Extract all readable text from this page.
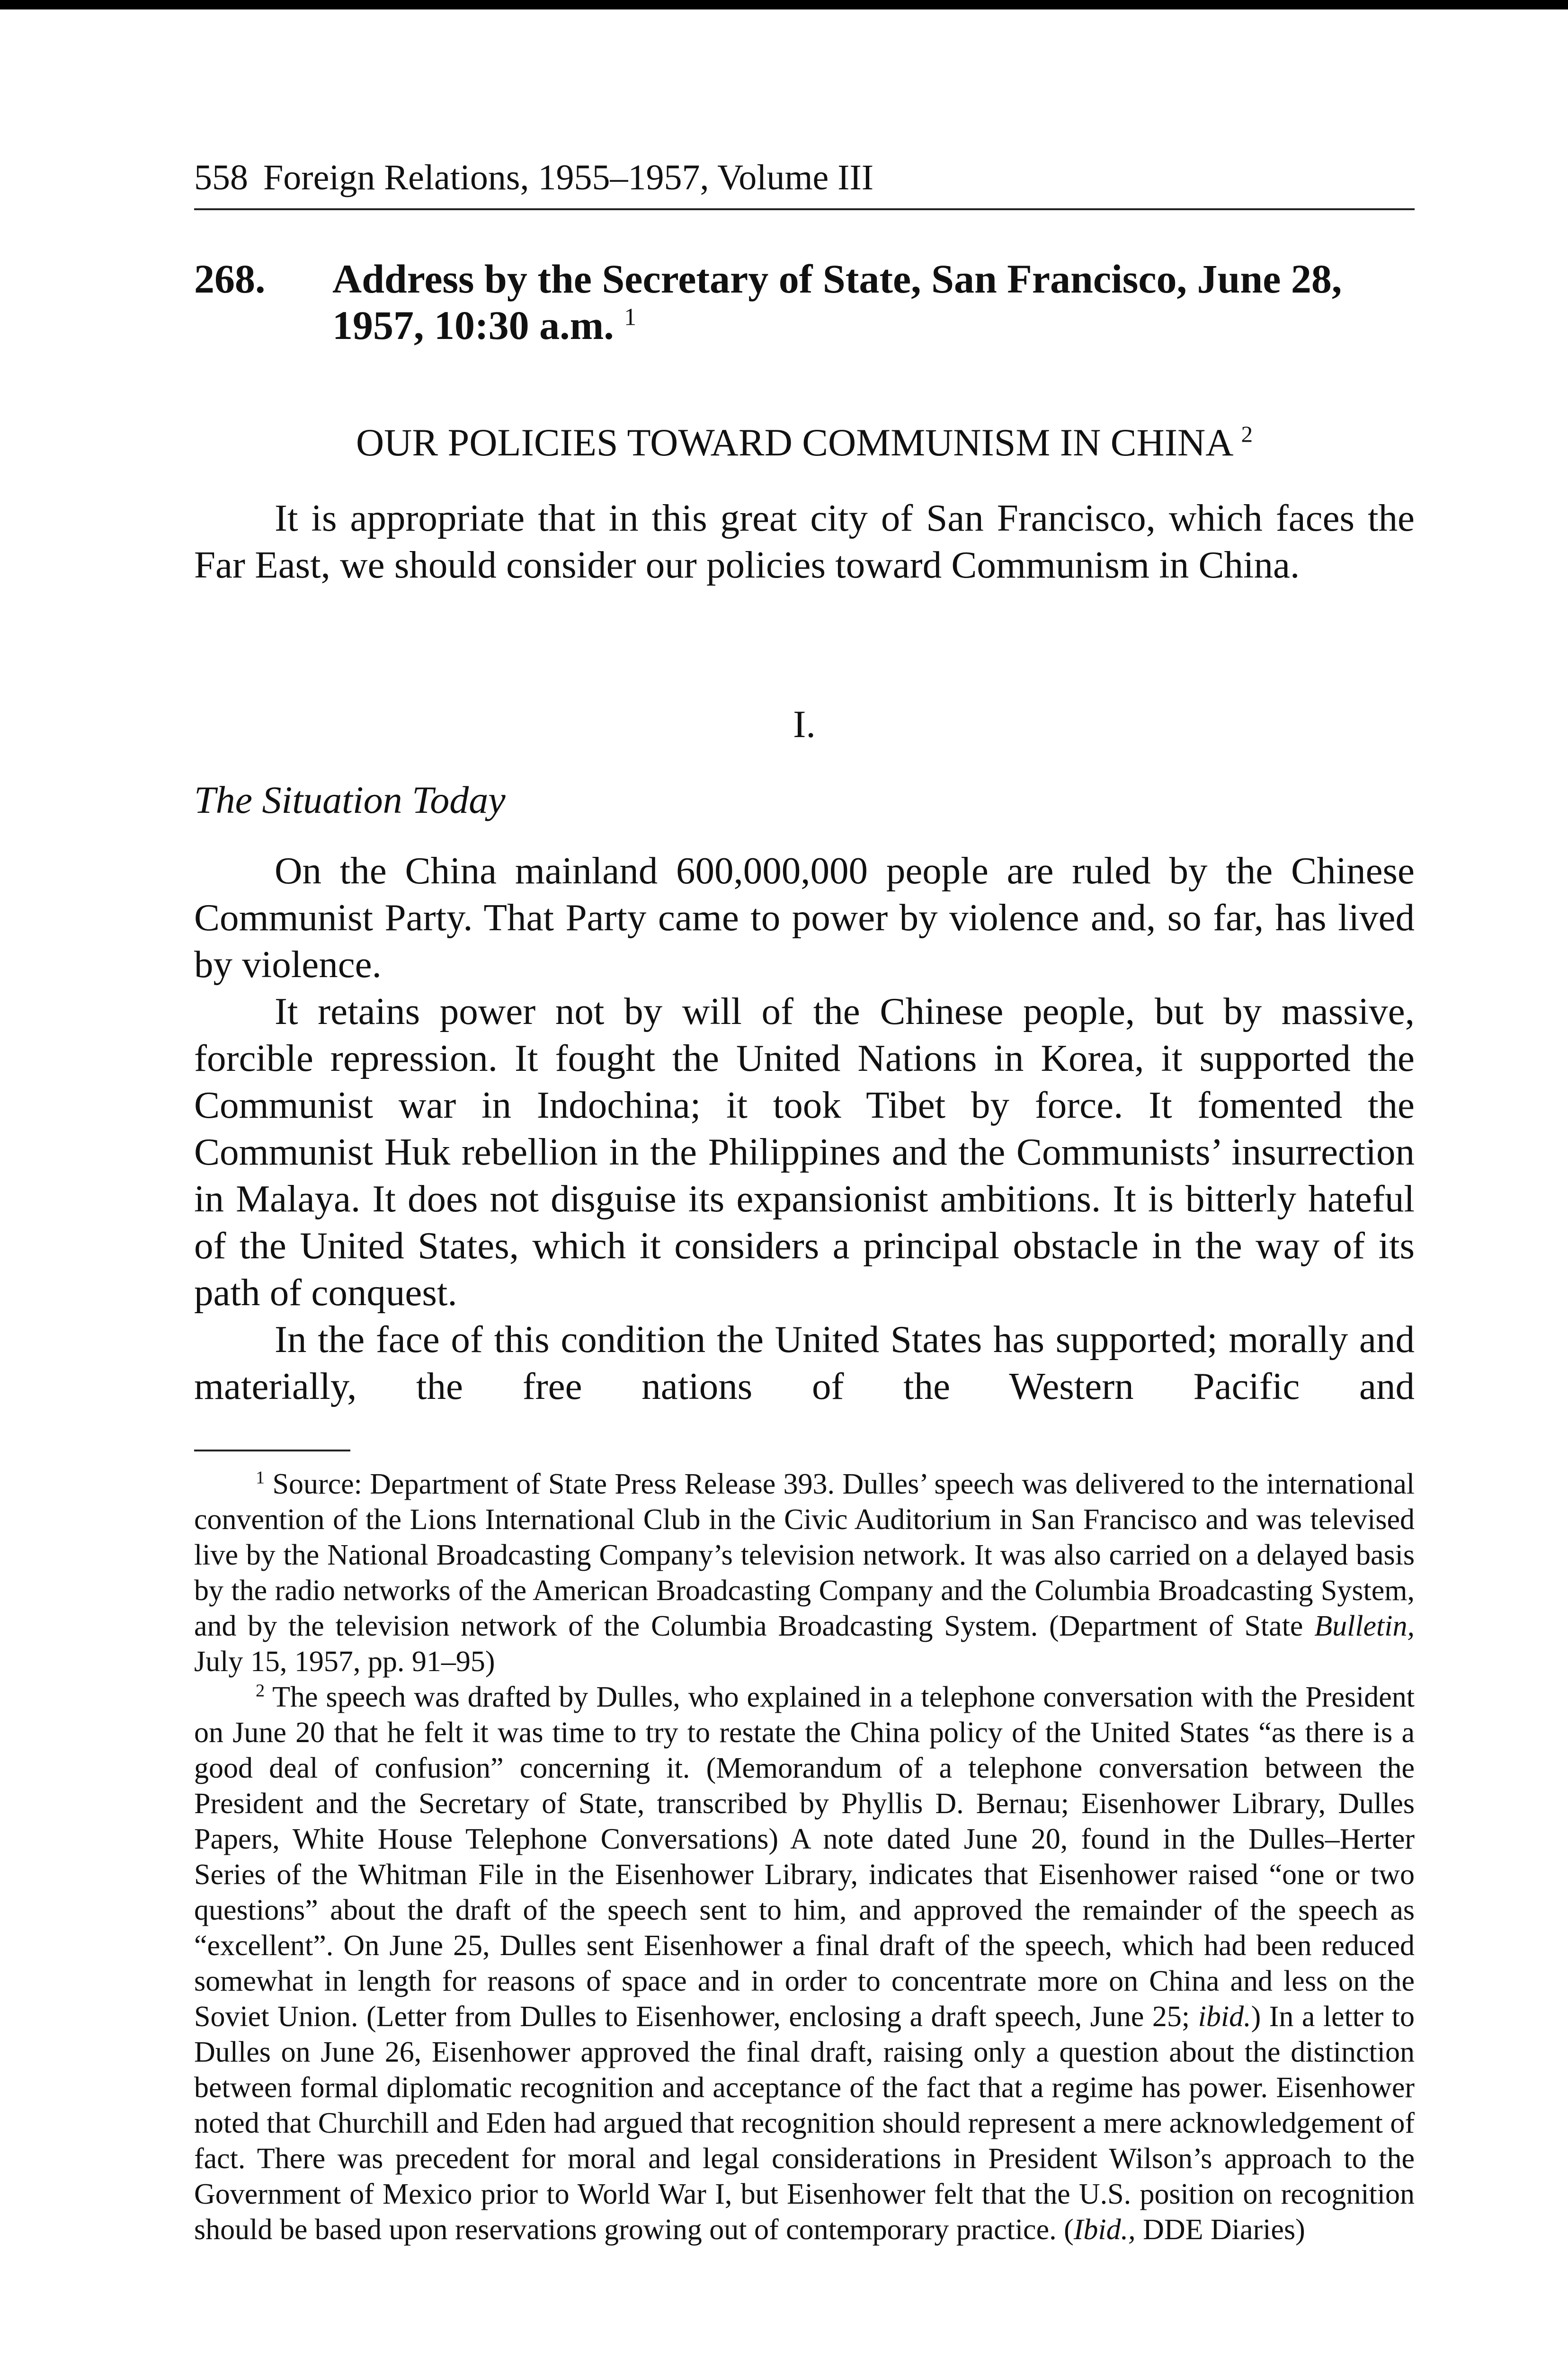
558 Foreign Relations, 1955–1957, Volume III
268. Address by the Secretary of State, San Francisco, June 28, 1957, 10:30 a.m. $^1$
OUR POLICIES TOWARD COMMUNISM IN CHINA $^2$

It is appropriate that in this great city of San Francisco, which faces the Far East, we should consider our policies toward Communism in China.

I.
The Situation Today

On the China mainland 600,000,000 people are ruled by the Chinese Communist Party. That Party came to power by violence and, so far, has lived by violence.

It retains power not by will of the Chinese people, but by massive, forcible repression. It fought the United Nations in Korea, it supported the Communist war in Indochina; it took Tibet by force. It fomented the Communist Huk rebellion in the Philippines and the Communists’ insurrection in Malaya. It does not disguise its expansionist ambitions. It is bitterly hateful of the United States, which it considers a principal obstacle in the way of its path of conquest.

In the face of this condition the United States has supported; morally and materially, the free nations of the Western Pacific and

$^1$ Source: Department of State Press Release 393. Dulles’ speech was delivered to the international convention of the Lions International Club in the Civic Auditorium in San Francisco and was televised live by the National Broadcasting Company’s television network. It was also carried on a delayed basis by the radio networks of the American Broadcasting Company and the Columbia Broadcasting System, and by the television network of the Columbia Broadcasting System. (Department of State Bulletin, July 15, 1957, pp. 91–95)

$^2$ The speech was drafted by Dulles, who explained in a telephone conversation with the President on June 20 that he felt it was time to try to restate the China policy of the United States “as there is a good deal of confusion” concerning it. (Memorandum of a telephone conversation between the President and the Secretary of State, transcribed by Phyllis D. Bernau; Eisenhower Library, Dulles Papers, White House Telephone Conversations) A note dated June 20, found in the Dulles–Herter Series of the Whitman File in the Eisenhower Library, indicates that Eisenhower raised “one or two questions” about the draft of the speech sent to him, and approved the remainder of the speech as “excellent”. On June 25, Dulles sent Eisenhower a final draft of the speech, which had been reduced somewhat in length for reasons of space and in order to concentrate more on China and less on the Soviet Union. (Letter from Dulles to Eisenhower, enclosing a draft speech, June 25; ibid.) In a letter to Dulles on June 26, Eisenhower approved the final draft, raising only a question about the distinction between formal diplomatic recognition and acceptance of the fact that a regime has power. Eisenhower noted that Churchill and Eden had argued that recognition should represent a mere acknowledgement of fact. There was precedent for moral and legal considerations in President Wilson’s approach to the Government of Mexico prior to World War I, but Eisenhower felt that the U.S. position on recognition should be based upon reservations growing out of contemporary practice. (Ibid., DDE Diaries)
